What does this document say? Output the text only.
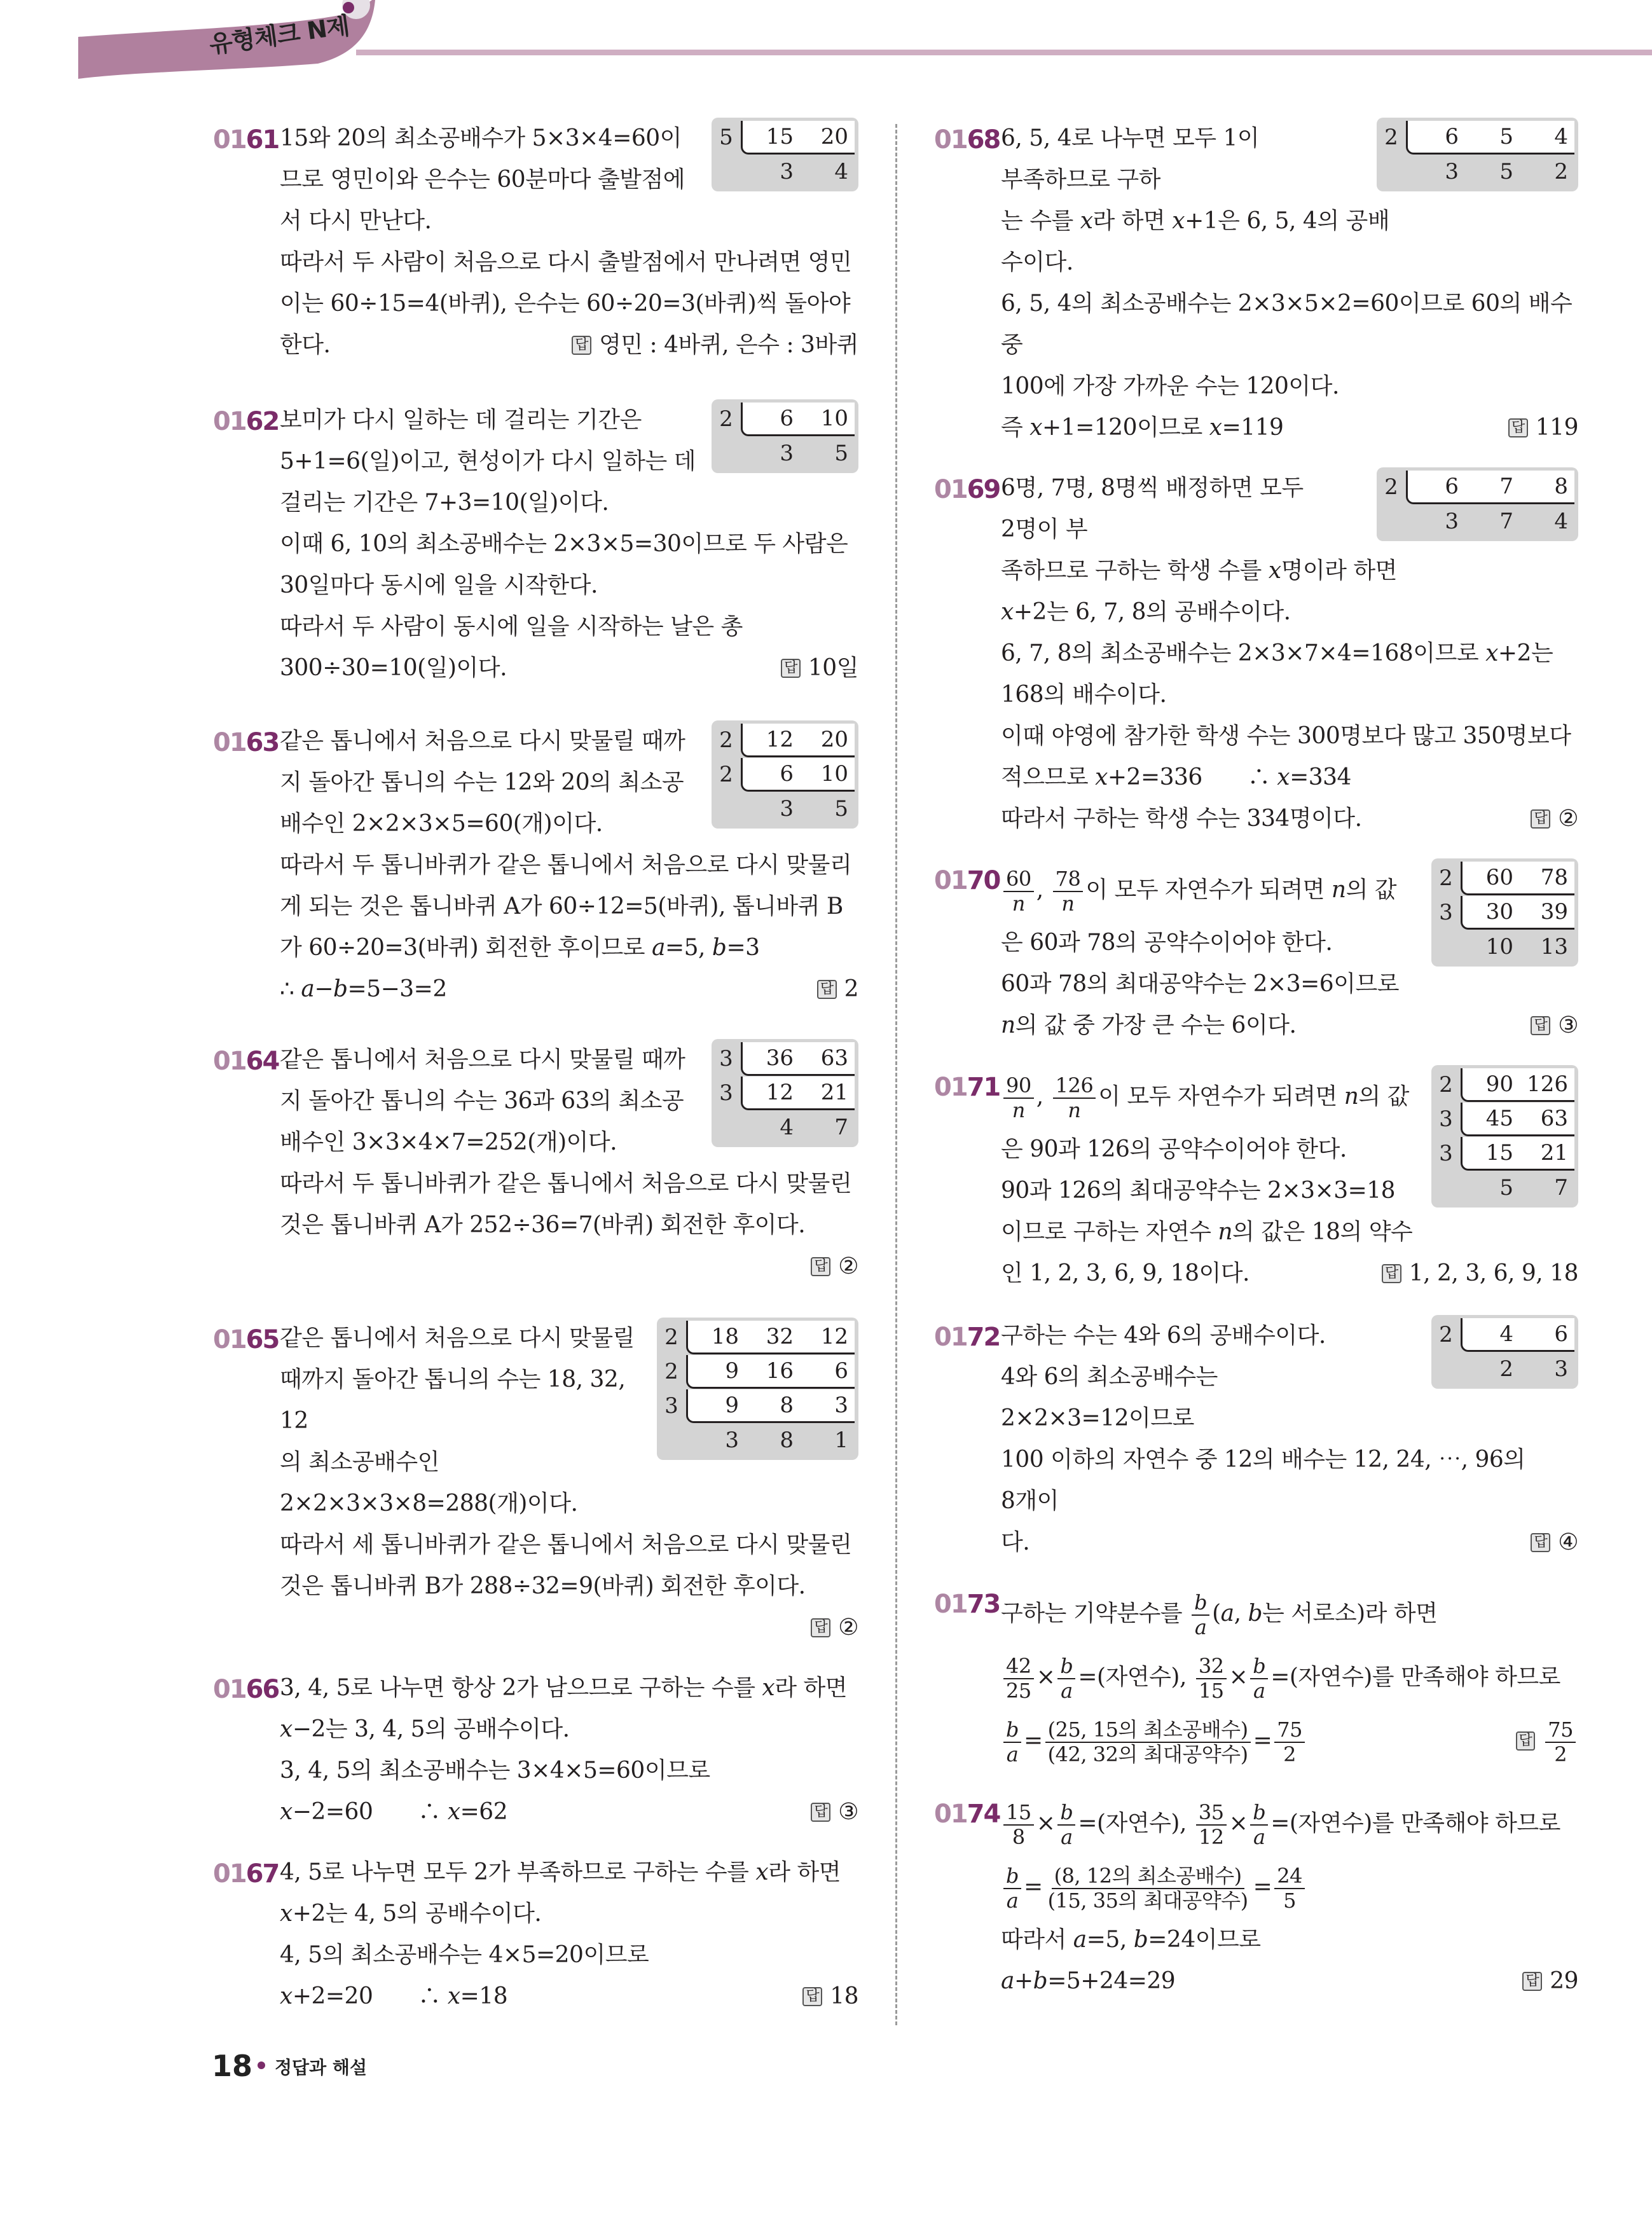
유형체크 N제
0161 15와 20의 최소공배수가 5×3×4=60이
므로 영민이와 은수는 60분마다 출발점에
서 다시 만난다.
따라서 두 사람이 처음으로 다시 출발점에서 만나려면 영민
이는 60÷15=4(바퀴), 은수는 60÷20=3(바퀴)씩 돌아야
한다.	답 영민 : 4바퀴, 은수 : 3바퀴
5	15	20
3	4
0162 보미가 다시 일하는 데 걸리는 기간은
5+1=6(일)이고, 현성이가 다시 일하는 데
걸리는 기간은 7+3=10(일)이다.
이때 6, 10의 최소공배수는 2×3×5=30이므로 두 사람은
30일마다 동시에 일을 시작한다.
따라서 두 사람이 동시에 일을 시작하는 날은 총
300÷30=10(일)이다.	답 10일
2	6	10
3	5
0163 같은 톱니에서 처음으로 다시 맞물릴 때까
지 돌아간 톱니의 수는 12와 20의 최소공
배수인 2×2×3×5=60(개)이다.
따라서 두 톱니바퀴가 같은 톱니에서 처음으로 다시 맞물리
게 되는 것은 톱니바퀴 A가 60÷12=5(바퀴), 톱니바퀴 B
가 60÷20=3(바퀴) 회전한 후이므로 a=5, b=3
∴ a−b=5−3=2	답 2
2	12	20
2	6	10
3	5
0164 같은 톱니에서 처음으로 다시 맞물릴 때까
지 돌아간 톱니의 수는 36과 63의 최소공
배수인 3×3×4×7=252(개)이다.
따라서 두 톱니바퀴가 같은 톱니에서 처음으로 다시 맞물린
것은 톱니바퀴 A가 252÷36=7(바퀴) 회전한 후이다.
답 ②
3	36	63
3	12	21
4	7
0165 같은 톱니에서 처음으로 다시 맞물릴
때까지 돌아간 톱니의 수는 18, 32, 12
의 최소공배수인
2×2×3×3×8=288(개)이다.
따라서 세 톱니바퀴가 같은 톱니에서 처음으로 다시 맞물린
것은 톱니바퀴 B가 288÷32=9(바퀴) 회전한 후이다.
답 ②
2	18	32	12
2	9	16	6
3	9	8	3
3	8	1
0166 3, 4, 5로 나누면 항상 2가 남으므로 구하는 수를 x라 하면
x−2는 3, 4, 5의 공배수이다.
3, 4, 5의 최소공배수는 3×4×5=60이므로
x−2=60　　∴ x=62	답 ③
0167 4, 5로 나누면 모두 2가 부족하므로 구하는 수를 x라 하면
x+2는 4, 5의 공배수이다.
4, 5의 최소공배수는 4×5=20이므로
x+2=20　　∴ x=18	답 18
0168 6, 5, 4로 나누면 모두 1이 부족하므로 구하
는 수를 x라 하면 x+1은 6, 5, 4의 공배
수이다.
6, 5, 4의 최소공배수는 2×3×5×2=60이므로 60의 배수 중
100에 가장 가까운 수는 120이다.
즉 x+1=120이므로 x=119	답 119
2	6	5	4
3	5	2
0169 6명, 7명, 8명씩 배정하면 모두 2명이 부
족하므로 구하는 학생 수를 x명이라 하면
x+2는 6, 7, 8의 공배수이다.
6, 7, 8의 최소공배수는 2×3×7×4=168이므로 x+2는
168의 배수이다.
이때 야영에 참가한 학생 수는 300명보다 많고 350명보다
적으므로 x+2=336　　∴ x=334
따라서 구하는 학생 수는 334명이다.	답 ②
2	6	7	8
3	7	4
$0170 \frac{60}{n}$ , $\frac{78}{n}$ 이 모두 자연수가 되려면 n의 값
은 60과 78의 공약수이어야 한다.
60과 78의 최대공약수는 2×3=6이므로
n의 값 중 가장 큰 수는 6이다.	답 ③
2	60	78
3	30	39
10	13
$0171 \frac{90}{n}$ , $\frac{126}{n}$ 이 모두 자연수가 되려면 n의 값
은 90과 126의 공약수이어야 한다.
90과 126의 최대공약수는 2×3×3=18
이므로 구하는 자연수 n의 값은 18의 약수
인 1, 2, 3, 6, 9, 18이다.	답 1, 2, 3, 6, 9, 18
2	90 126
3	45	63
3	15	21
5	7
0172 구하는 수는 4와 6의 공배수이다.
4와 6의 최소공배수는 2×2×3=12이므로
100 이하의 자연수 중 12의 배수는 12, 24, ⋯, 96의 8개이
다.	답 ④
2	4	6
2	3
0173 구하는 기약분수를 $\frac{b}{a} (a$, b는 서로소)라 하면
$\frac{42}{25} \times \frac{b}{a}$ =(자연수), $\frac{32}{15} \times \frac{b}{a}$ =(자연수)를 만족해야 하므로
$\frac{b}{a} = \frac{\text{(25, 15의 최소공배수)}}{\text{(42, 32의 최대공약수)}} = \frac{75}{2}$	답 $\frac{75}{2}$
$0174 \frac{15}{8} \times \frac{b}{a}$ =(자연수), $\frac{35}{12} \times \frac{b}{a}$ =(자연수)를 만족해야 하므로
$\frac{b}{a} = \frac{\text{(8, 12의 최소공배수)}}{\text{(15, 35의 최대공약수)}} = \frac{24}{5}$
따라서 a=5, b=24이므로
a+b=5+24=29	답 29
18 정답과 해설
